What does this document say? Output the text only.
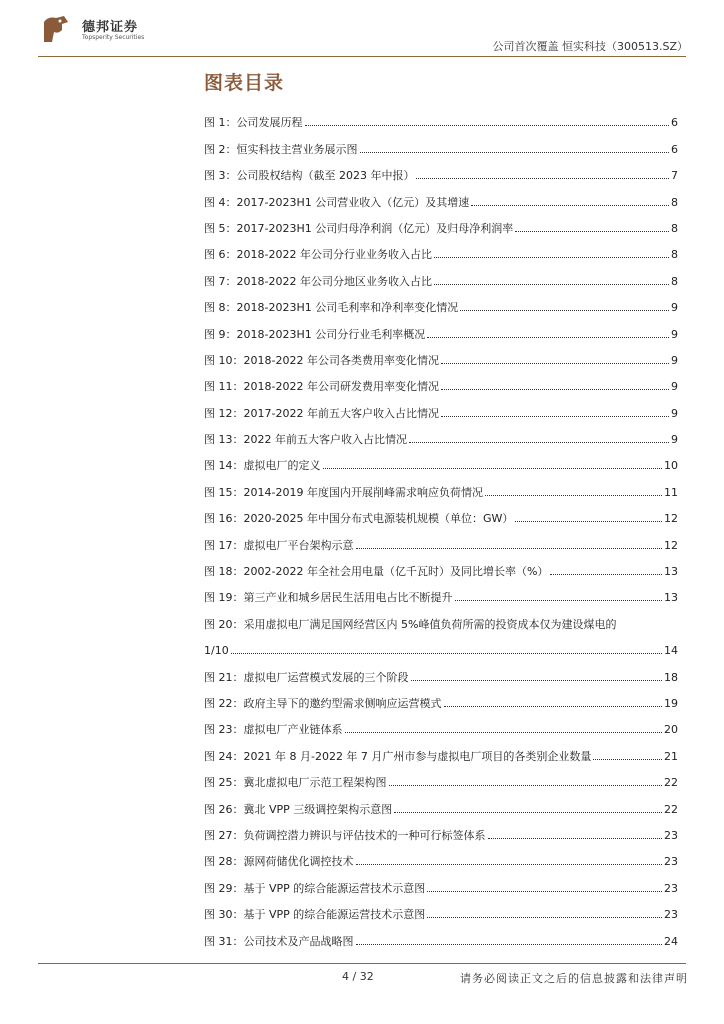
德邦证券
Topsperity Securities
公司首次覆盖 恒实科技（300513.SZ）
图表目录
图 1：公司发展历程	6
图 2：恒实科技主营业务展示图	6
图 3：公司股权结构（截至 2023 年中报）	7
图 4：2017-2023H1 公司营业收入（亿元）及其增速	8
图 5：2017-2023H1 公司归母净利润（亿元）及归母净利润率	8
图 6：2018-2022 年公司分行业业务收入占比	8
图 7：2018-2022 年公司分地区业务收入占比	8
图 8：2018-2023H1 公司毛利率和净利率变化情况	9
图 9：2018-2023H1 公司分行业毛利率概况	9
图 10：2018-2022 年公司各类费用率变化情况	9
图 11：2018-2022 年公司研发费用率变化情况	9
图 12：2017-2022 年前五大客户收入占比情况	9
图 13：2022 年前五大客户收入占比情况	9
图 14：虚拟电厂的定义	10
图 15：2014-2019 年度国内开展削峰需求响应负荷情况	11
图 16：2020-2025 年中国分布式电源装机规模（单位：GW）	12
图 17：虚拟电厂平台架构示意	12
图 18：2002-2022 年全社会用电量（亿千瓦时）及同比增长率（%）	13
图 19：第三产业和城乡居民生活用电占比不断提升	13
图 20：采用虚拟电厂满足国网经营区内 5%峰值负荷所需的投资成本仅为建设煤电的
1/10	14
图 21：虚拟电厂运营模式发展的三个阶段	18
图 22：政府主导下的邀约型需求侧响应运营模式	19
图 23：虚拟电厂产业链体系	20
图 24：2021 年 8 月-2022 年 7 月广州市参与虚拟电厂项目的各类别企业数量	21
图 25：冀北虚拟电厂示范工程架构图	22
图 26：冀北 VPP 三级调控架构示意图	22
图 27：负荷调控潜力辨识与评估技术的一种可行标签体系	23
图 28：源网荷储优化调控技术	23
图 29：基于 VPP 的综合能源运营技术示意图	23
图 30：基于 VPP 的综合能源运营技术示意图	23
图 31：公司技术及产品战略图	24
4 / 32	请务必阅读正文之后的信息披露和法律声明
